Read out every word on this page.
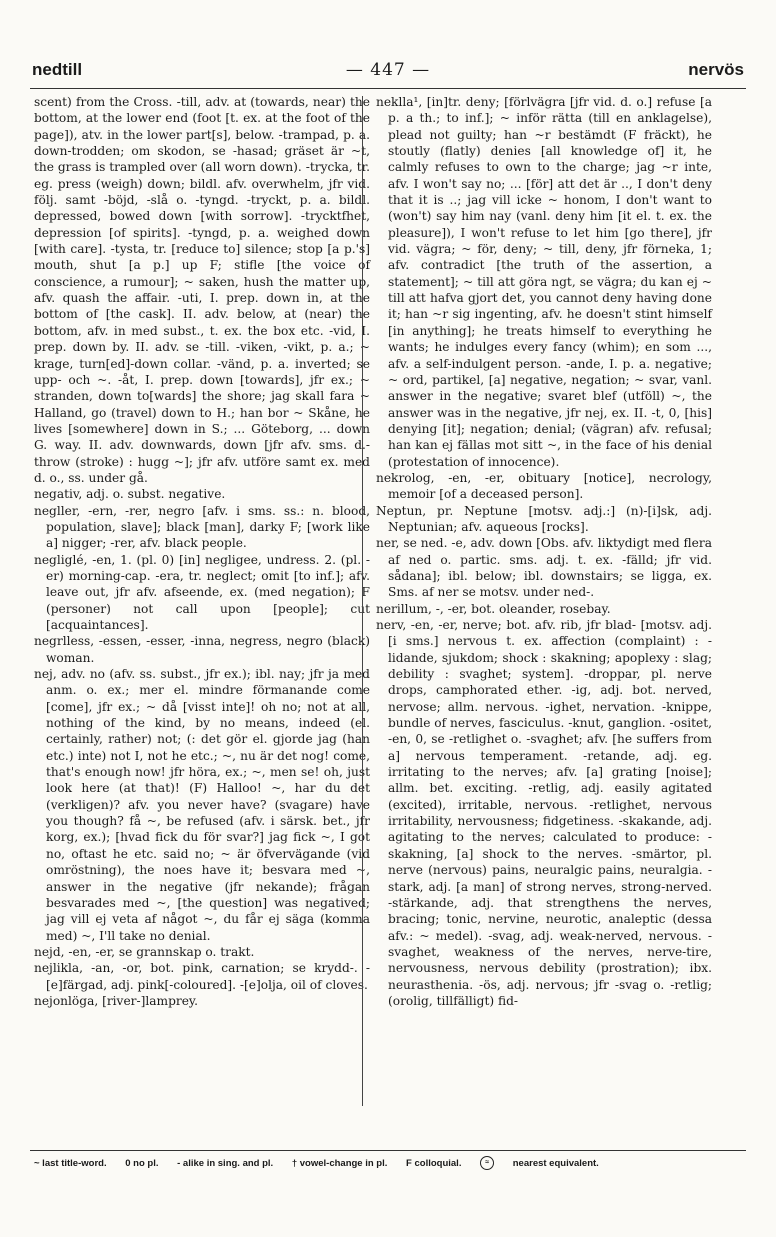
nedtill	— 447 —	nervös

scent) from the Cross. -till, adv. at (towards, near) the bottom, at the lower end (foot [t. ex. at the foot of the page]), atv. in the lower part[s], below. -trampad, p. a. down-trodden; om skodon, se -hasad; gräset är ~t, the grass is trampled over (all worn down). -trycka, tr. eg. press (weigh) down; bildl. afv. overwhelm, jfr vid. följ. samt -böjd, -slå o. -tyngd. -tryckt, p. a. bildl. depressed, bowed down [with sorrow]. -trycktfhet, depression [of spirits]. -tyngd, p. a. weighed down [with care]. -tysta, tr. [reduce to] silence; stop [a p.'s] mouth, shut [a p.] up F; stifle [the voice of conscience, a rumour]; ~ saken, hush the matter up, afv. quash the affair. -uti, I. prep. down in, at the bottom of [the cask]. II. adv. below, at (near) the bottom, afv. in med subst., t. ex. the box etc. -vid, I. prep. down by. II. adv. se -till. -viken, -vikt, p. a.; ~ krage, turn[ed]-down collar. -vänd, p. a. inverted; se upp- och ~. -åt, I. prep. down [towards], jfr ex.; ~ stranden, down to[wards] the shore; jag skall fara ~ Halland, go (travel) down to H.; han bor ~ Skåne, he lives [somewhere] down in S.; ... Göteborg, ... down G. way. II. adv. downwards, down [jfr afv. sms. d.-throw (stroke) : hugg ~]; jfr afv. utföre samt ex. med d. o., ss. under gå.

negativ, adj. o. subst. negative.

negller, -ern, -rer, negro [afv. i sms. ss.: n. blood, population, slave]; black [man], darky F; [work like a] nigger; -rer, afv. black people.

negliglé, -en, 1. (pl. 0) [in] negligee, undress. 2. (pl. -er) morning-cap. -era, tr. neglect; omit [to inf.]; afv. leave out, jfr afv. afseende, ex. (med negation); F (personer) not call upon [people]; cut [acquaintances].

negrlless, -essen, -esser, -inna, negress, negro (black) woman.

nej, adv. no (afv. ss. subst., jfr ex.); ibl. nay; jfr ja med anm. o. ex.; mer el. mindre förmanande come [come], jfr ex.; ~ då [visst inte]! oh no; not at all, nothing of the kind, by no means, indeed (el. certainly, rather) not; (: det gör el. gjorde jag (han etc.) inte) not I, not he etc.; ~, nu är det nog! come, that's enough now! jfr höra, ex.; ~, men se! oh, just look here (at that)! (F) Halloo! ~, har du det (verkligen)? afv. you never have? (svagare) have you though? få ~, be refused (afv. i särsk. bet., jfr korg, ex.); [hvad fick du för svar?] jag fick ~, I got no, oftast he etc. said no; ~ är öfvervägande (vid omröstning), the noes have it; besvara med ~, answer in the negative (jfr nekande); frågan besvarades med ~, [the question] was negatived; jag vill ej veta af något ~, du får ej säga (komma med) ~, I'll take no denial.

nejd, -en, -er, se grannskap o. trakt.

nejlikla, -an, -or, bot. pink, carnation; se krydd-. -[e]färgad, adj. pink[-coloured]. -[e]olja, oil of cloves.

nejonlöga, [river-]lamprey.

neklla¹, [in]tr. deny; [förlvägra [jfr vid. d. o.] refuse [a p. a th.; to inf.]; ~ inför rätta (till en anklagelse), plead not guilty; han ~r bestämdt (F fräckt), he stoutly (flatly) denies [all knowledge of] it, he calmly refuses to own to the charge; jag ~r inte, afv. I won't say no; ... [för] att det är .., I don't deny that it is ..; jag vill icke ~ honom, I don't want to (won't) say him nay (vanl. deny him [it el. t. ex. the pleasure]), I won't refuse to let him [go there], jfr vid. vägra; ~ för, deny; ~ till, deny, jfr förneka, 1; afv. contradict [the truth of the assertion, a statement]; ~ till att göra ngt, se vägra; du kan ej ~ till att hafva gjort det, you cannot deny having done it; han ~r sig ingenting, afv. he doesn't stint himself [in anything]; he treats himself to everything he wants; he indulges every fancy (whim); en som ..., afv. a self-indulgent person. -ande, I. p. a. negative; ~ ord, partikel, [a] negative, negation; ~ svar, vanl. answer in the negative; svaret blef (utföll) ~, the answer was in the negative, jfr nej, ex. II. -t, 0, [his] denying [it]; negation; denial; (vägran) afv. refusal; han kan ej fällas mot sitt ~, in the face of his denial (protestation of innocence).

nekrolog, -en, -er, obituary [notice], necrology, memoir [of a deceased person].

Neptun, pr. Neptune [motsv. adj.:] (n)-[i]sk, adj. Neptunian; afv. aqueous [rocks].

ner, se ned. -e, adv. down [Obs. afv. liktydigt med flera af ned o. partic. sms. adj. t. ex. -fälld; jfr vid. sådana]; ibl. below; ibl. downstairs; se ligga, ex. Sms. af ner se motsv. under ned-.

nerillum, -, -er, bot. oleander, rosebay.

nerv, -en, -er, nerve; bot. afv. rib, jfr blad- [motsv. adj. [i sms.] nervous t. ex. affection (complaint) : -lidande, sjukdom; shock : skakning; apoplexy : slag; debility : svaghet; system]. -droppar, pl. nerve drops, camphorated ether. -ig, adj. bot. nerved, nervose; allm. nervous. -ighet, nervation. -knippe, bundle of nerves, fasciculus. -knut, ganglion. -ositet, -en, 0, se -retlighet o. -svaghet; afv. [he suffers from a] nervous temperament. -retande, adj. eg. irritating to the nerves; afv. [a] grating [noise]; allm. bet. exciting. -retlig, adj. easily agitated (excited), irritable, nervous. -retlighet, nervous irritability, nervousness; fidgetiness. -skakande, adj. agitating to the nerves; calculated to produce: -skakning, [a] shock to the nerves. -smärtor, pl. nerve (nervous) pains, neuralgic pains, neuralgia. -stark, adj. [a man] of strong nerves, strong-nerved. -stärkande, adj. that strengthens the nerves, bracing; tonic, nervine, neurotic, analeptic (dessa afv.: ~ medel). -svag, adj. weak-nerved, nervous. -svaghet, weakness of the nerves, nerve-tire, nervousness, nervous debility (prostration); ibx. neurasthenia. -ös, adj. nervous; jfr -svag o. -retlig; (orolig, tillfälligt) fid-

~ last title-word. 0 no pl. - alike in sing. and pl. † vowel-change in pl. F colloquial.	≈ nearest equivalent.
